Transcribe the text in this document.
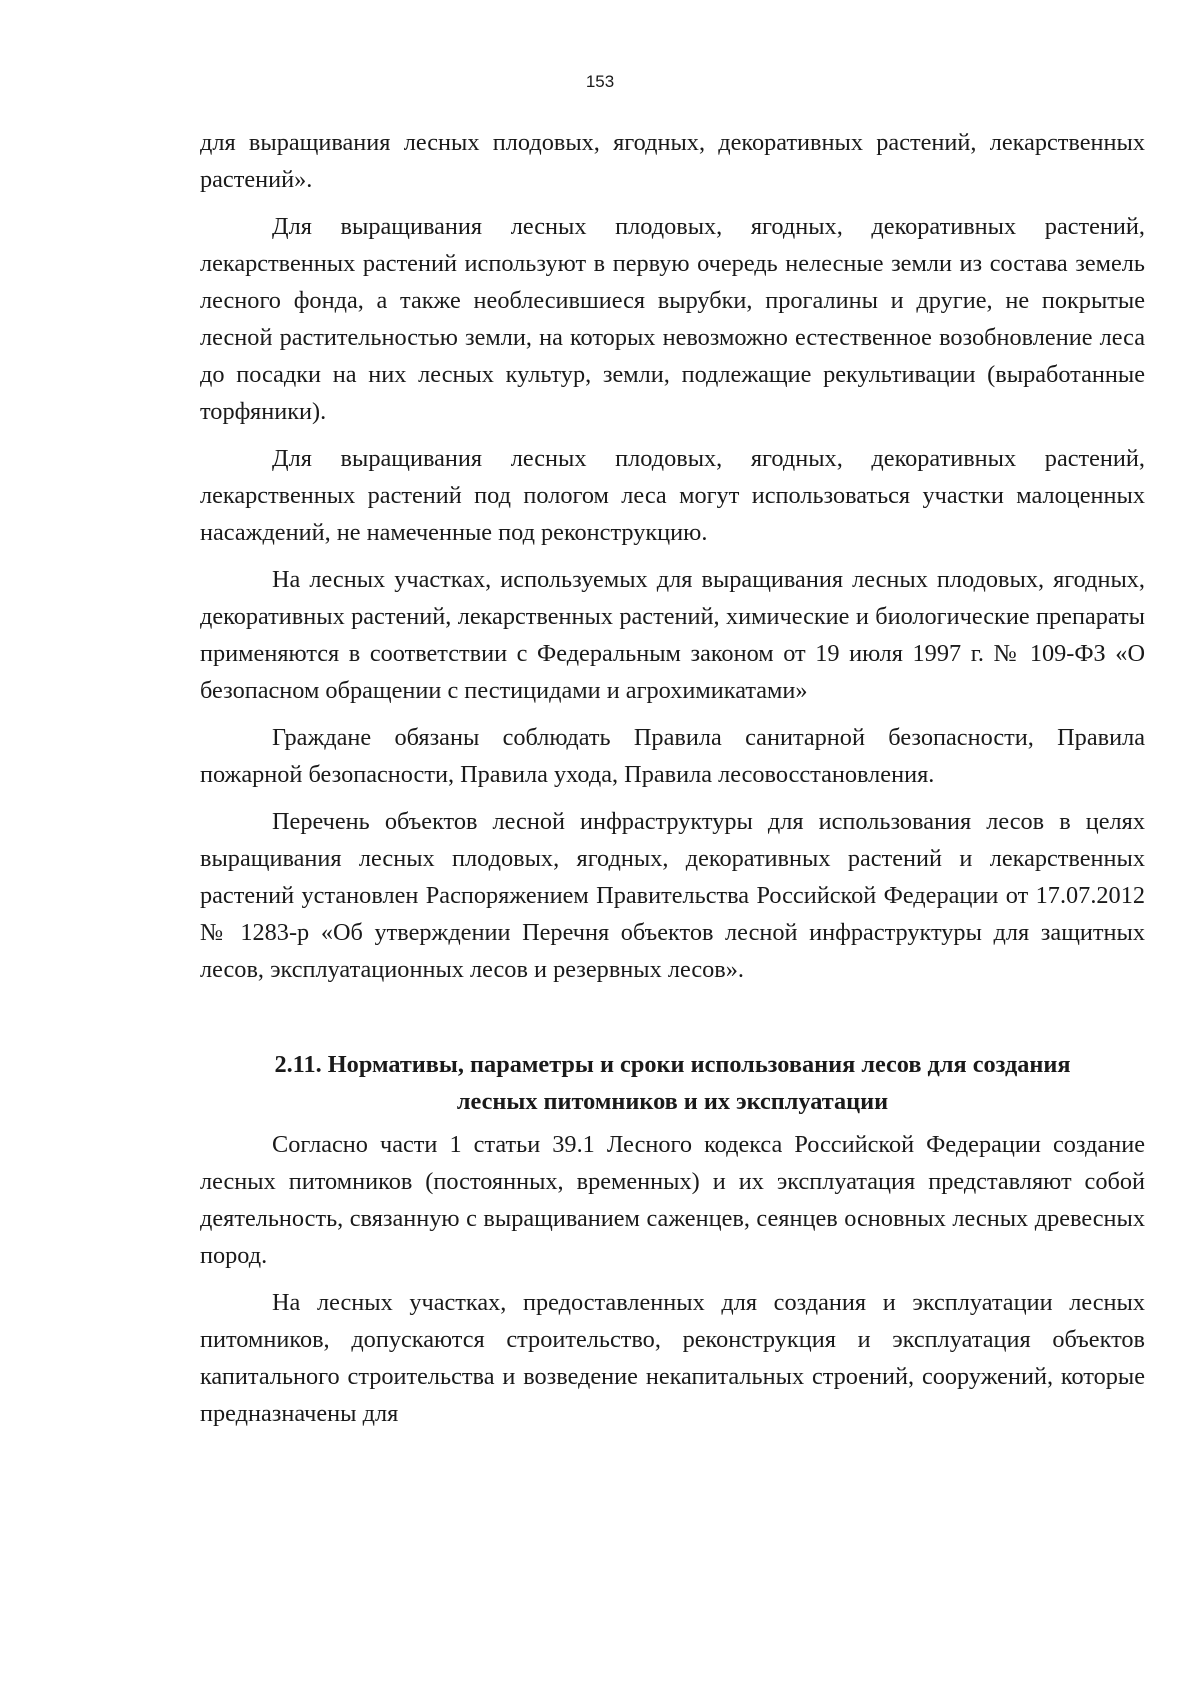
153

для выращивания лесных плодовых, ягодных, декоративных растений, лекарственных растений».

Для выращивания лесных плодовых, ягодных, декоративных растений, лекарственных растений используют в первую очередь нелесные земли из состава земель лесного фонда, а также необлесившиеся вырубки, прогалины и другие, не покрытые лесной растительностью земли, на которых невозможно естественное возобновление леса до посадки на них лесных культур, земли, подлежащие рекультивации (выработанные торфяники).

Для выращивания лесных плодовых, ягодных, декоративных растений, лекарственных растений под пологом леса могут использоваться участки малоценных насаждений, не намеченные под реконструкцию.

На лесных участках, используемых для выращивания лесных плодовых, ягодных, декоративных растений, лекарственных растений, химические и биологические препараты применяются в соответствии с Федеральным законом от 19 июля 1997 г. № 109-ФЗ «О безопасном обращении с пестицидами и агрохимикатами»

Граждане обязаны соблюдать Правила санитарной безопасности, Правила пожарной безопасности, Правила ухода, Правила лесовосстановления.

Перечень объектов лесной инфраструктуры для использования лесов в целях выращивания лесных плодовых, ягодных, декоративных растений и лекарственных растений установлен Распоряжением Правительства Российской Федерации от 17.07.2012 № 1283-р «Об утверждении Перечня объектов лесной инфраструктуры для защитных лесов, эксплуатационных лесов и резервных лесов».

2.11. Нормативы, параметры и сроки использования лесов для создания
лесных питомников и их эксплуатации

Согласно части 1 статьи 39.1 Лесного кодекса Российской Федерации создание лесных питомников (постоянных, временных) и их эксплуатация представляют собой деятельность, связанную с выращиванием саженцев, сеянцев основных лесных древесных пород.

На лесных участках, предоставленных для создания и эксплуатации лесных питомников, допускаются строительство, реконструкция и эксплуатация объектов капитального строительства и возведение некапитальных строений, сооружений, которые предназначены для
